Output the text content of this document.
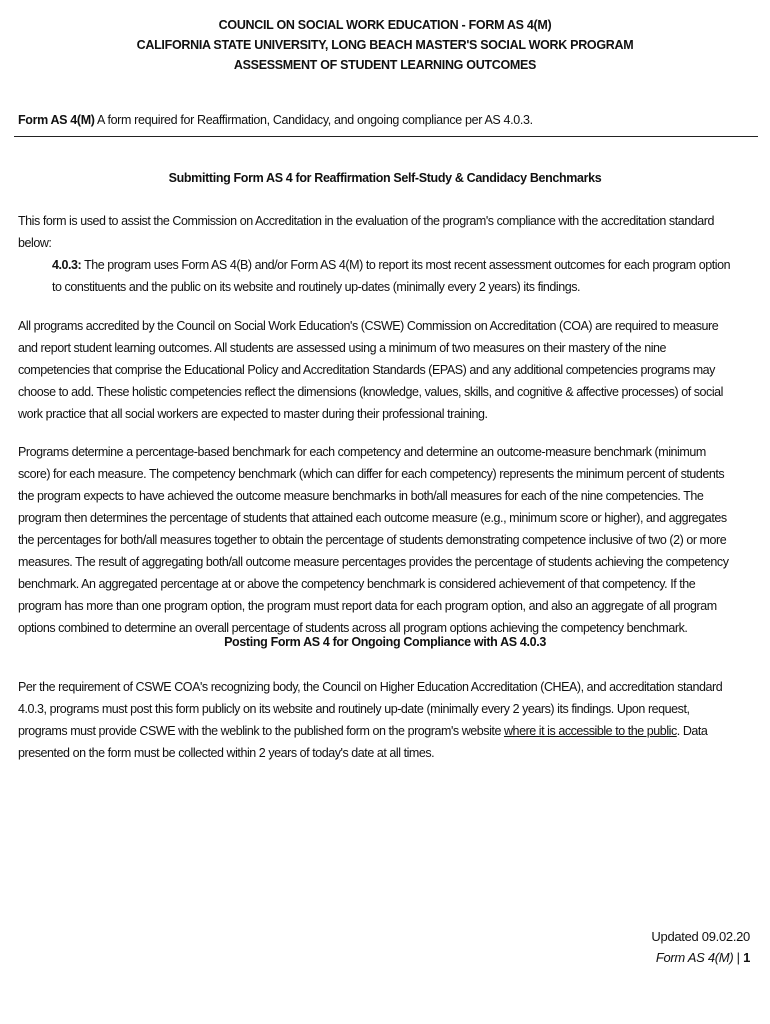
COUNCIL ON SOCIAL WORK EDUCATION - FORM AS 4(M)
CALIFORNIA STATE UNIVERSITY, LONG BEACH MASTER'S SOCIAL WORK PROGRAM
ASSESSMENT OF STUDENT LEARNING OUTCOMES
Form AS 4(M) A form required for Reaffirmation, Candidacy, and ongoing compliance per AS 4.0.3.
Submitting Form AS 4 for Reaffirmation Self-Study & Candidacy Benchmarks
This form is used to assist the Commission on Accreditation in the evaluation of the program's compliance with the accreditation standard below:
4.0.3: The program uses Form AS 4(B) and/or Form AS 4(M) to report its most recent assessment outcomes for each program option to constituents and the public on its website and routinely up-dates (minimally every 2 years) its findings.
All programs accredited by the Council on Social Work Education's (CSWE) Commission on Accreditation (COA) are required to measure and report student learning outcomes. All students are assessed using a minimum of two measures on their mastery of the nine competencies that comprise the Educational Policy and Accreditation Standards (EPAS) and any additional competencies programs may choose to add. These holistic competencies reflect the dimensions (knowledge, values, skills, and cognitive & affective processes) of social work practice that all social workers are expected to master during their professional training.
Programs determine a percentage-based benchmark for each competency and determine an outcome-measure benchmark (minimum score) for each measure. The competency benchmark (which can differ for each competency) represents the minimum percent of students the program expects to have achieved the outcome measure benchmarks in both/all measures for each of the nine competencies. The program then determines the percentage of students that attained each outcome measure (e.g., minimum score or higher), and aggregates the percentages for both/all measures together to obtain the percentage of students demonstrating competence inclusive of two (2) or more measures. The result of aggregating both/all outcome measure percentages provides the percentage of students achieving the competency benchmark. An aggregated percentage at or above the competency benchmark is considered achievement of that competency. If the program has more than one program option, the program must report data for each program option, and also an aggregate of all program options combined to determine an overall percentage of students across all program options achieving the competency benchmark.
Posting Form AS 4 for Ongoing Compliance with AS 4.0.3
Per the requirement of CSWE COA's recognizing body, the Council on Higher Education Accreditation (CHEA), and accreditation standard 4.0.3, programs must post this form publicly on its website and routinely up-date (minimally every 2 years) its findings. Upon request, programs must provide CSWE with the weblink to the published form on the program's website where it is accessible to the public. Data presented on the form must be collected within 2 years of today's date at all times.
Updated 09.02.20
Form AS 4(M) | 1
